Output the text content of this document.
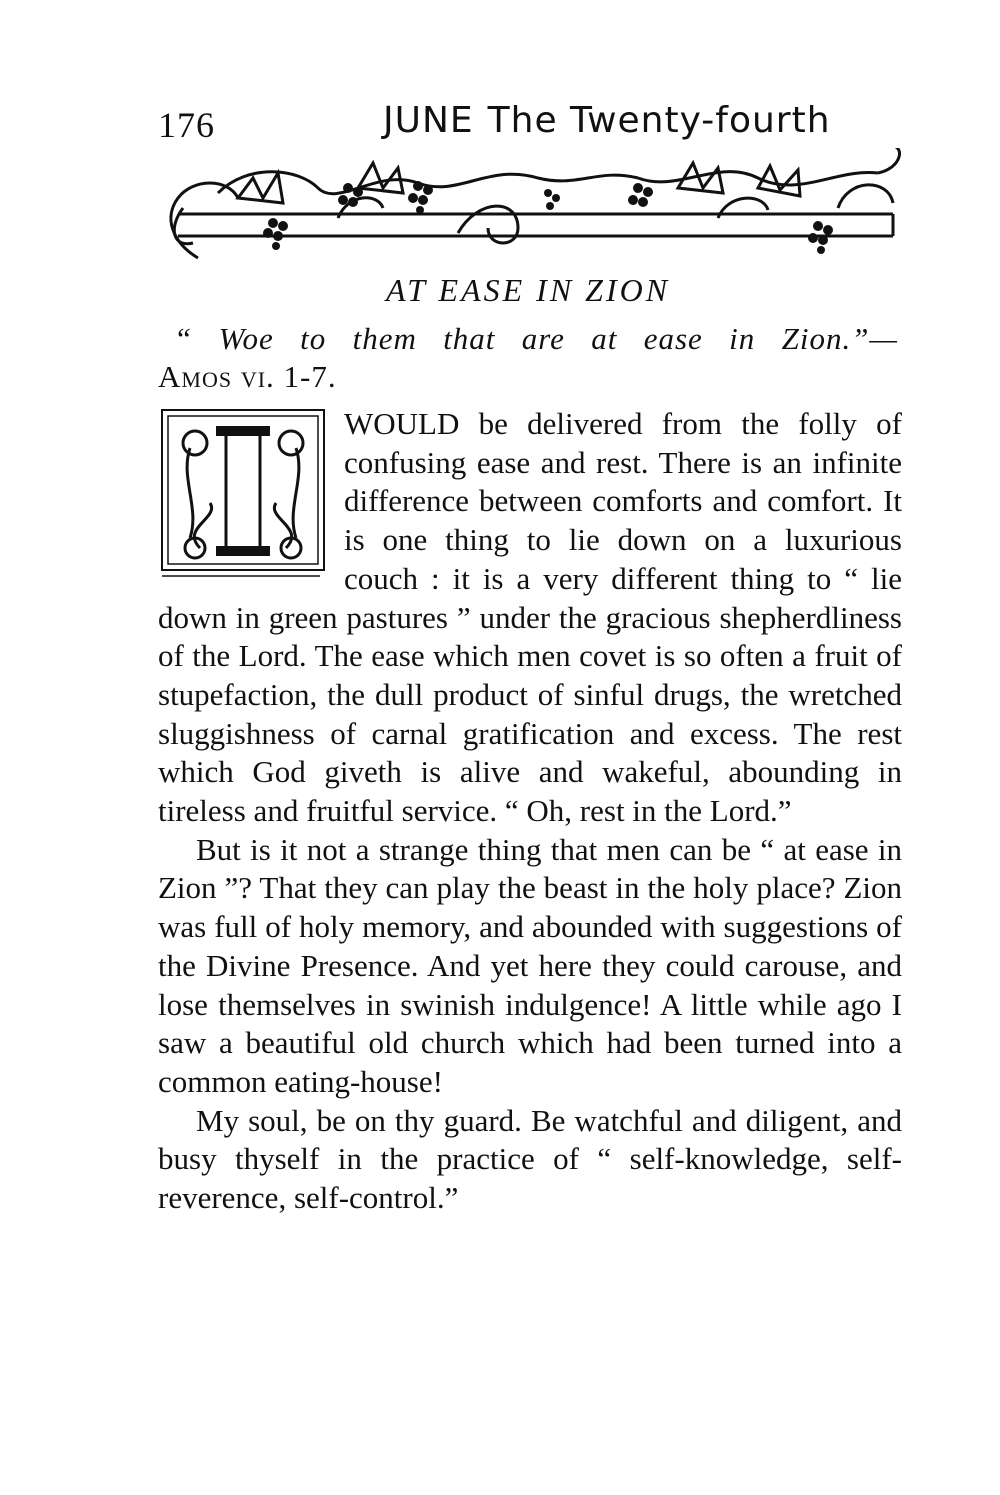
176	JUNE The Twenty-fourth
AT EASE IN ZION
“ Woe to them that are at ease in Zion.”—
Amos vi. 1-7.
I

WOULD be delivered from the folly of confusing ease and rest. There is an infinite difference between comforts and comfort. It is one thing to lie down on a luxurious couch : it is a very different thing to “ lie down in green pastures ” under the gracious shepherdliness of the Lord. The ease which men covet is so often a fruit of stupefaction, the dull product of sinful drugs, the wretched sluggishness of carnal gratification and excess. The rest which God giveth is alive and wakeful, abounding in tireless and fruitful service. “ Oh, rest in the Lord.”

But is it not a strange thing that men can be “ at ease in Zion ”? That they can play the beast in the holy place? Zion was full of holy memory, and abounded with suggestions of the Divine Presence. And yet here they could carouse, and lose themselves in swinish indulgence! A little while ago I saw a beautiful old church which had been turned into a common eating-house!

My soul, be on thy guard. Be watchful and diligent, and busy thyself in the practice of “ self-knowledge, self-reverence, self-control.”
